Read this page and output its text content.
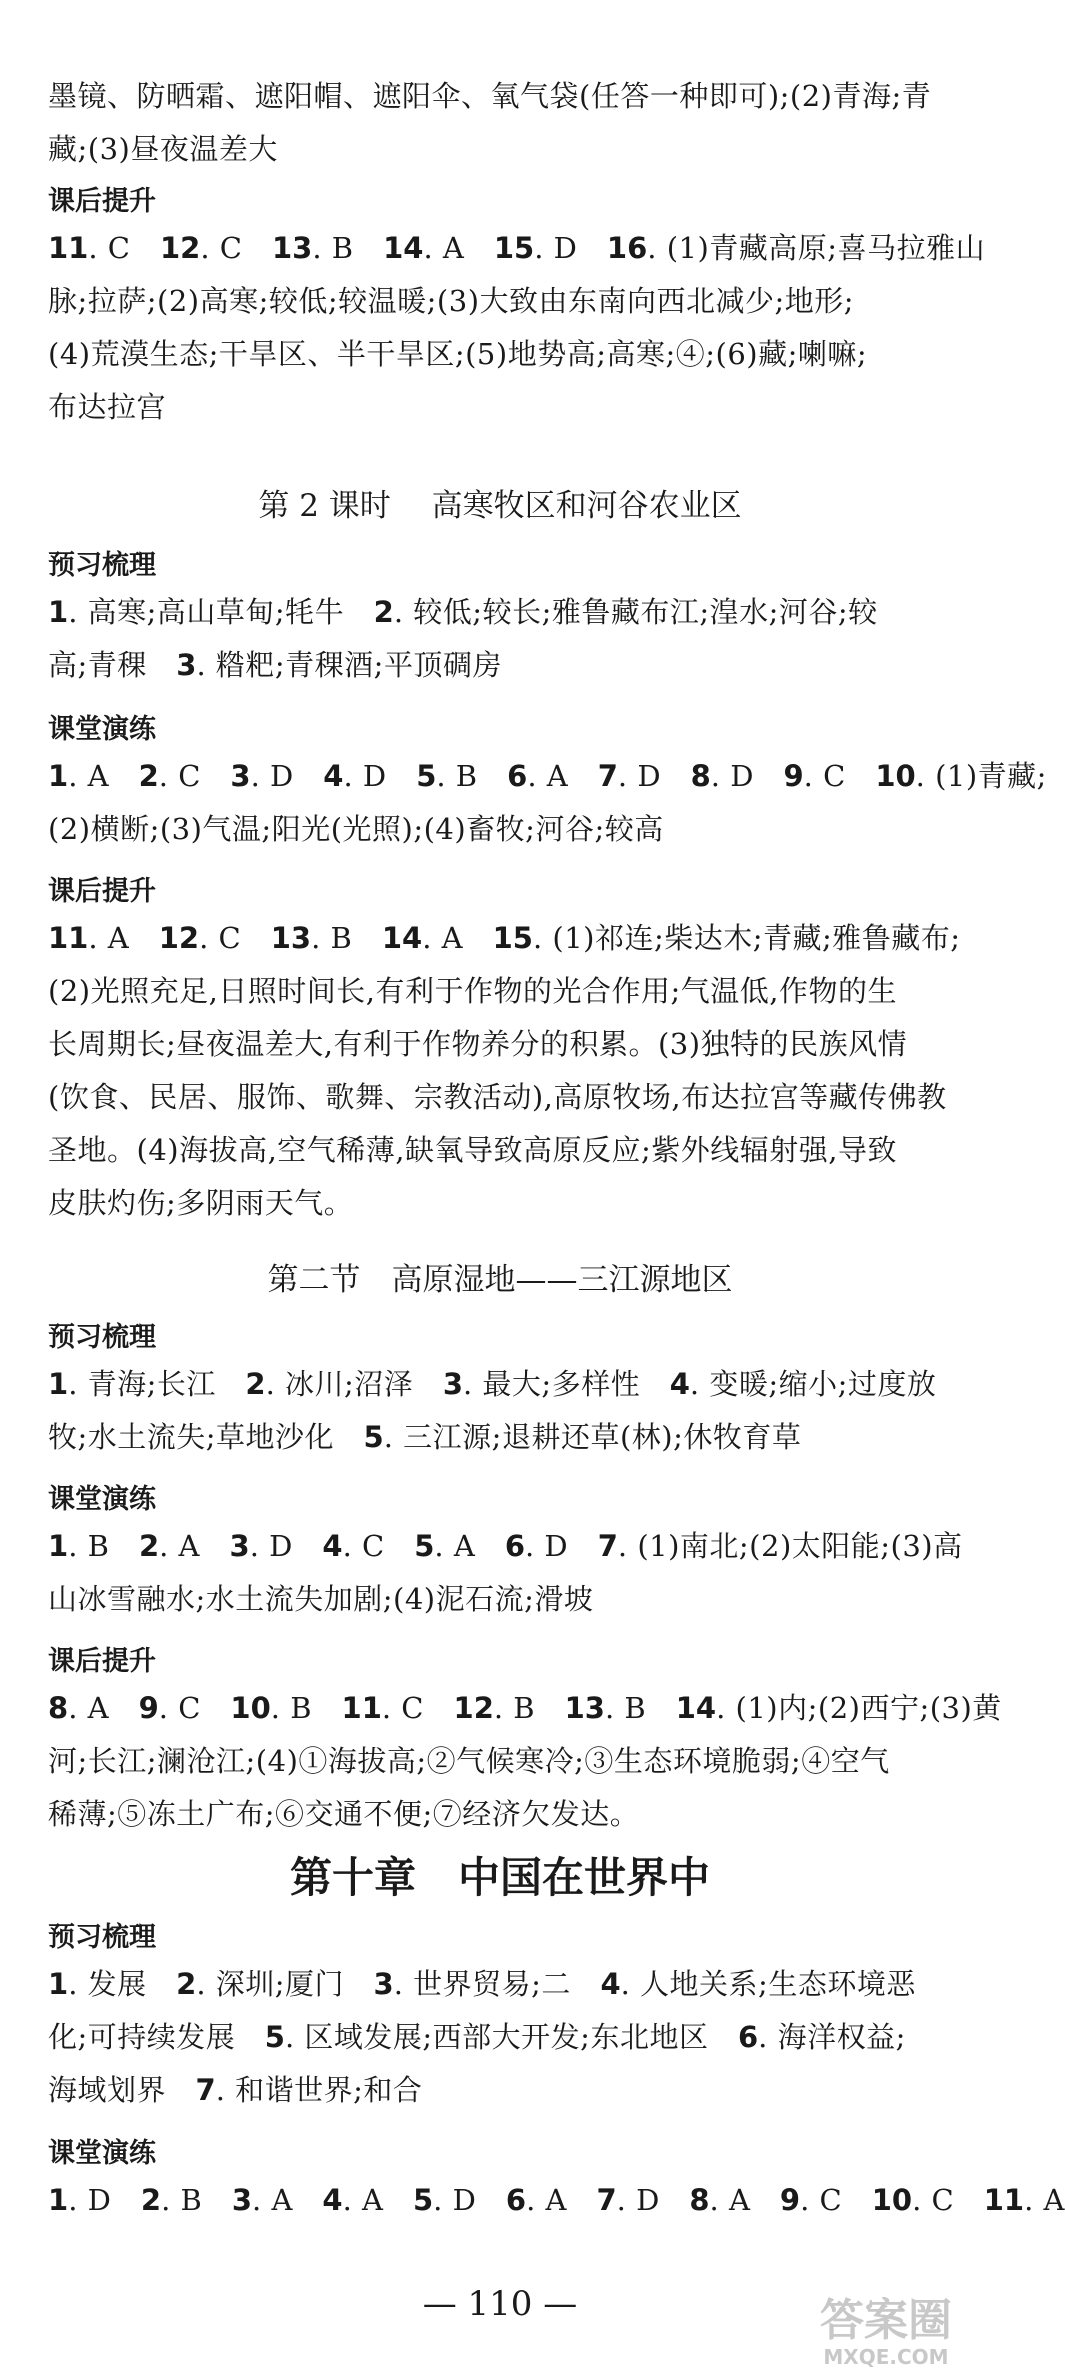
墨镜、防晒霜、遮阳帽、遮阳伞、氧气袋(任答一种即可);(2)青海;青
藏;(3)昼夜温差大
课后提升
11. C　12. C　13. B　14. A　15. D　16. (1)青藏高原;喜马拉雅山
脉;拉萨;(2)高寒;较低;较温暖;(3)大致由东南向西北减少;地形;
(4)荒漠生态;干旱区、半干旱区;(5)地势高;高寒;④;(6)藏;喇嘛;
布达拉宫
第 2 课时　 高寒牧区和河谷农业区
预习梳理
1. 高寒;高山草甸;牦牛　2. 较低;较长;雅鲁藏布江;湟水;河谷;较
高;青稞　3. 糌粑;青稞酒;平顶碉房
课堂演练
1. A　2. C　3. D　4. D　5. B　6. A　7. D　8. D　9. C　10. (1)青藏;
(2)横断;(3)气温;阳光(光照);(4)畜牧;河谷;较高
课后提升
11. A　12. C　13. B　14. A　15. (1)祁连;柴达木;青藏;雅鲁藏布;
(2)光照充足,日照时间长,有利于作物的光合作用;气温低,作物的生
长周期长;昼夜温差大,有利于作物养分的积累。(3)独特的民族风情
(饮食、民居、服饰、歌舞、宗教活动),高原牧场,布达拉宫等藏传佛教
圣地。(4)海拔高,空气稀薄,缺氧导致高原反应;紫外线辐射强,导致
皮肤灼伤;多阴雨天气。
第二节　高原湿地——三江源地区
预习梳理
1. 青海;长江　2. 冰川;沼泽　3. 最大;多样性　4. 变暖;缩小;过度放
牧;水土流失;草地沙化　5. 三江源;退耕还草(林);休牧育草
课堂演练
1. B　2. A　3. D　4. C　5. A　6. D　7. (1)南北;(2)太阳能;(3)高
山冰雪融水;水土流失加剧;(4)泥石流;滑坡
课后提升
8. A　9. C　10. B　11. C　12. B　13. B　14. (1)内;(2)西宁;(3)黄
河;长江;澜沧江;(4)①海拔高;②气候寒冷;③生态环境脆弱;④空气
稀薄;⑤冻土广布;⑥交通不便;⑦经济欠发达。
第十章　中国在世界中
预习梳理
1. 发展　2. 深圳;厦门　3. 世界贸易;二　4. 人地关系;生态环境恶
化;可持续发展　5. 区域发展;西部大开发;东北地区　6. 海洋权益;
海域划界　7. 和谐世界;和合
课堂演练
1. D　2. B　3. A　4. A　5. D　6. A　7. D　8. A　9. C　10. C　11. A
— 110 —	答案圈
MXQE.COM
